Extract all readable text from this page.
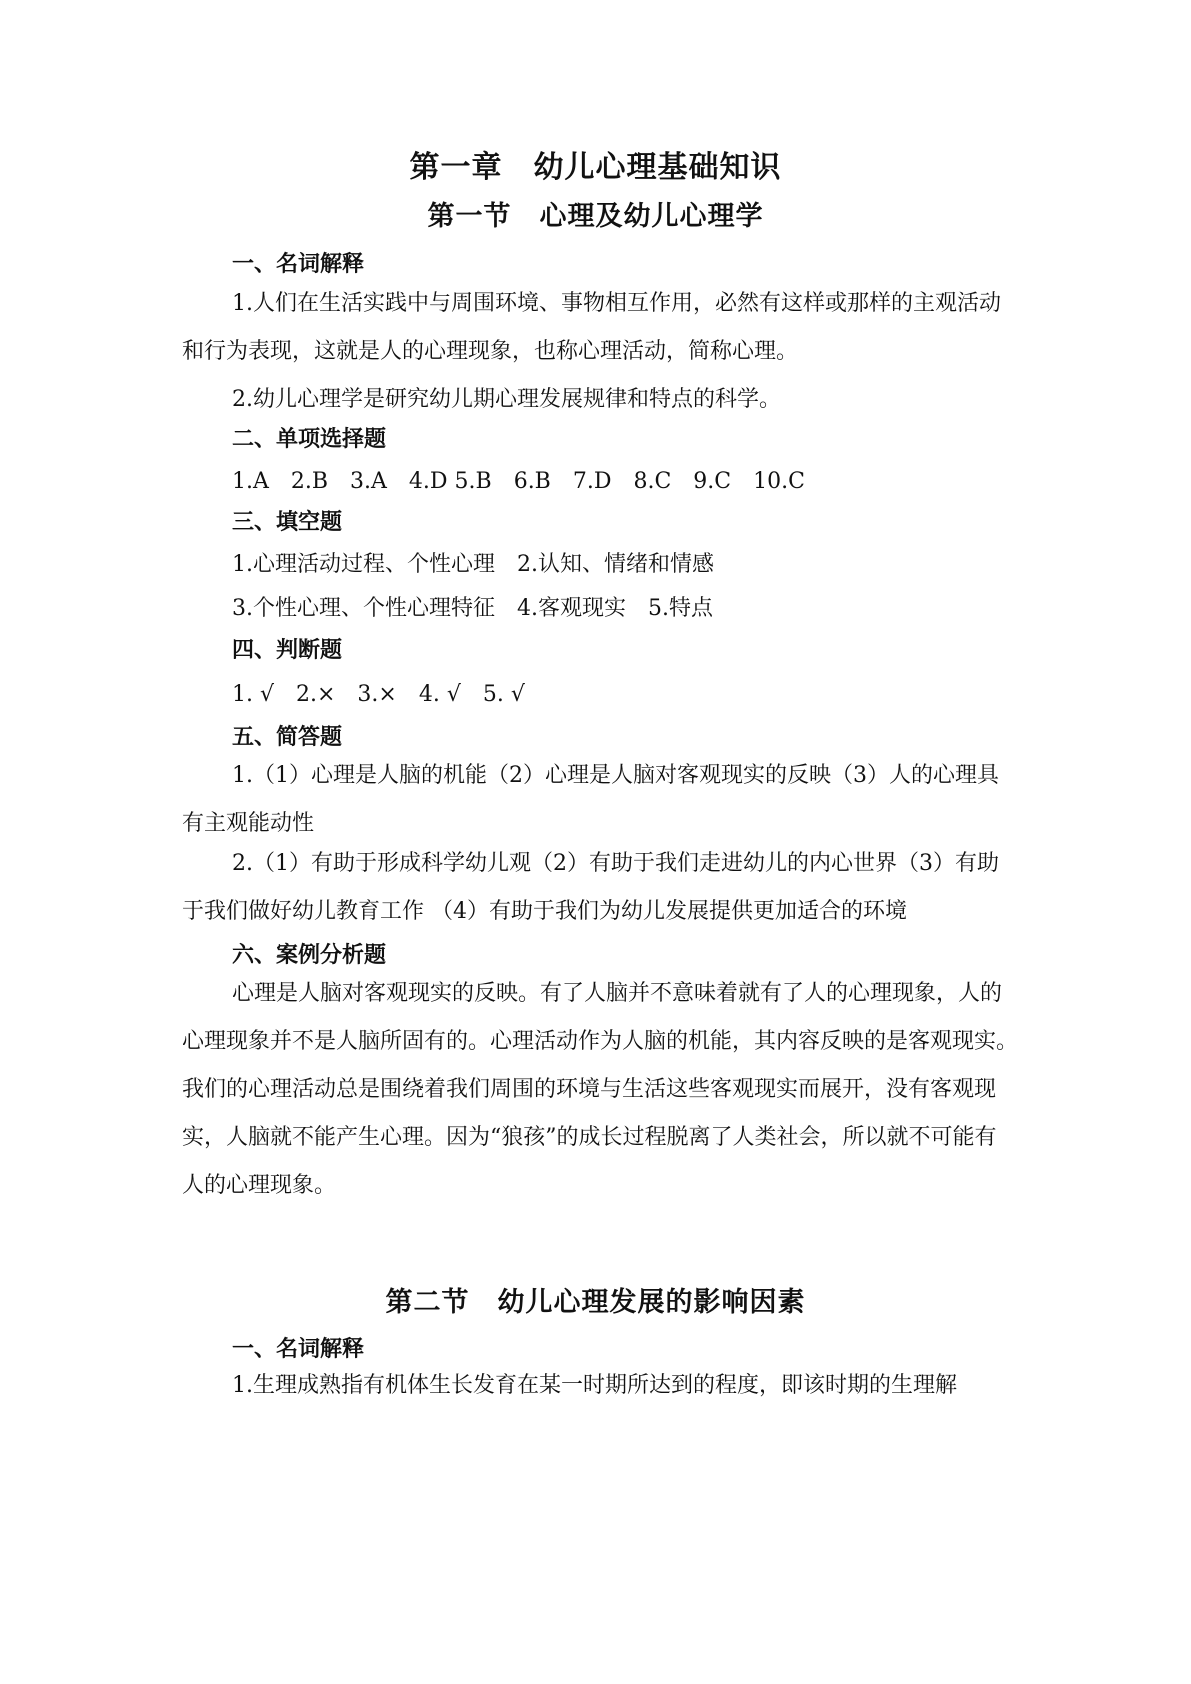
第一章　幼儿心理基础知识
第一节　心理及幼儿心理学
一、名词解释
1.人们在生活实践中与周围环境、事物相互作用，必然有这样或那样的主观活动和行为表现，这就是人的心理现象，也称心理活动，简称心理。
2.幼儿心理学是研究幼儿期心理发展规律和特点的科学。
二、单项选择题
1.A　2.B　3.A　4.D 5.B　6.B　7.D　8.C　9.C　10.C
三、填空题
1.心理活动过程、个性心理　2.认知、情绪和情感
3.个性心理、个性心理特征　4.客观现实　5.特点
四、判断题
1. √　2.×　3.×　4. √　5. √
五、简答题
1.（1）心理是人脑的机能（2）心理是人脑对客观现实的反映（3）人的心理具有主观能动性
2.（1）有助于形成科学幼儿观（2）有助于我们走进幼儿的内心世界（3）有助于我们做好幼儿教育工作 （4）有助于我们为幼儿发展提供更加适合的环境
六、案例分析题
心理是人脑对客观现实的反映。有了人脑并不意味着就有了人的心理现象，人的心理现象并不是人脑所固有的。心理活动作为人脑的机能，其内容反映的是客观现实。我们的心理活动总是围绕着我们周围的环境与生活这些客观现实而展开，没有客观现实，人脑就不能产生心理。因为“狼孩”的成长过程脱离了人类社会，所以就不可能有人的心理现象。
第二节　幼儿心理发展的影响因素
一、名词解释
1.生理成熟指有机体生长发育在某一时期所达到的程度，即该时期的生理解
